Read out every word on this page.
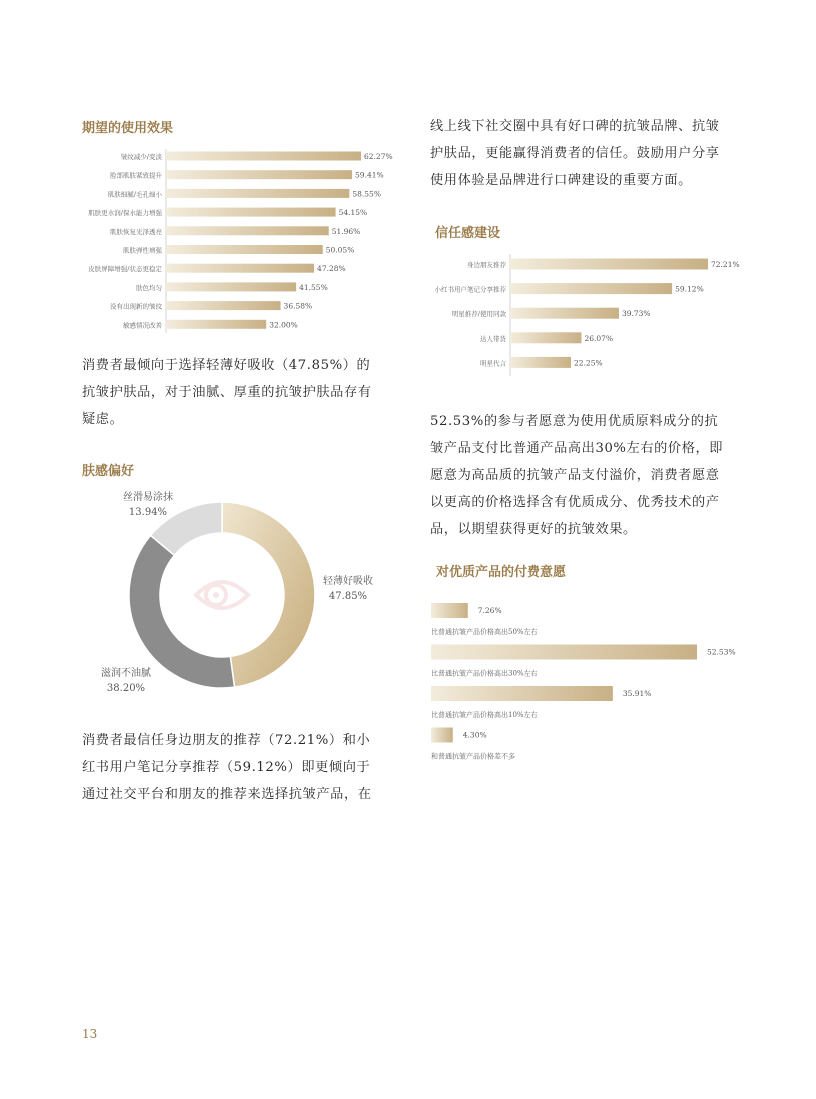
期望的使用效果
皱纹减少/变淡	62.27%
脸部肌肤紧致提升	59.41%
肌肤细腻/毛孔细小	58.55%
肌肤更水润/保水能力增强	54.15%
肌肤恢复光泽透亮	51.96%
肌肤弹性增强	50.05%
皮肤屏障增强/状态更稳定	47.28%
肤色均匀	41.55%
没有出现新的皱纹	36.58%
敏感情况改善	32.00%
轻薄好吸收
47.85%
滋润不油腻
38.20%
丝滑易涂抹
13.94%
身边朋友推荐	72.21%
小红书用户笔记分享推荐	59.12%
明星推荐/使用同款	39.73%
达人带货	26.07%
明星代言	22.25%
7.26%
比普通抗皱产品价格高出50%左右
52.53%
比普通抗皱产品价格高出30%左右
35.91%
比普通抗皱产品价格高出10%左右
4.30%
和普通抗皱产品价格差不多
消费者最倾向于选择轻薄好吸收（47.85%）的
抗皱护肤品，对于油腻、厚重的抗皱护肤品存有
疑虑。
肤感偏好
消费者最信任身边朋友的推荐（72.21%）和小
红书用户笔记分享推荐（59.12%）即更倾向于
通过社交平台和朋友的推荐来选择抗皱产品，在
线上线下社交圈中具有好口碑的抗皱品牌、抗皱
护肤品，更能赢得消费者的信任。鼓励用户分享
使用体验是品牌进行口碑建设的重要方面。
信任感建设
52.53%的参与者愿意为使用优质原料成分的抗
皱产品支付比普通产品高出30%左右的价格，即
愿意为高品质的抗皱产品支付溢价，消费者愿意
以更高的价格选择含有优质成分、优秀技术的产
品，以期望获得更好的抗皱效果。
对优质产品的付费意愿
13
